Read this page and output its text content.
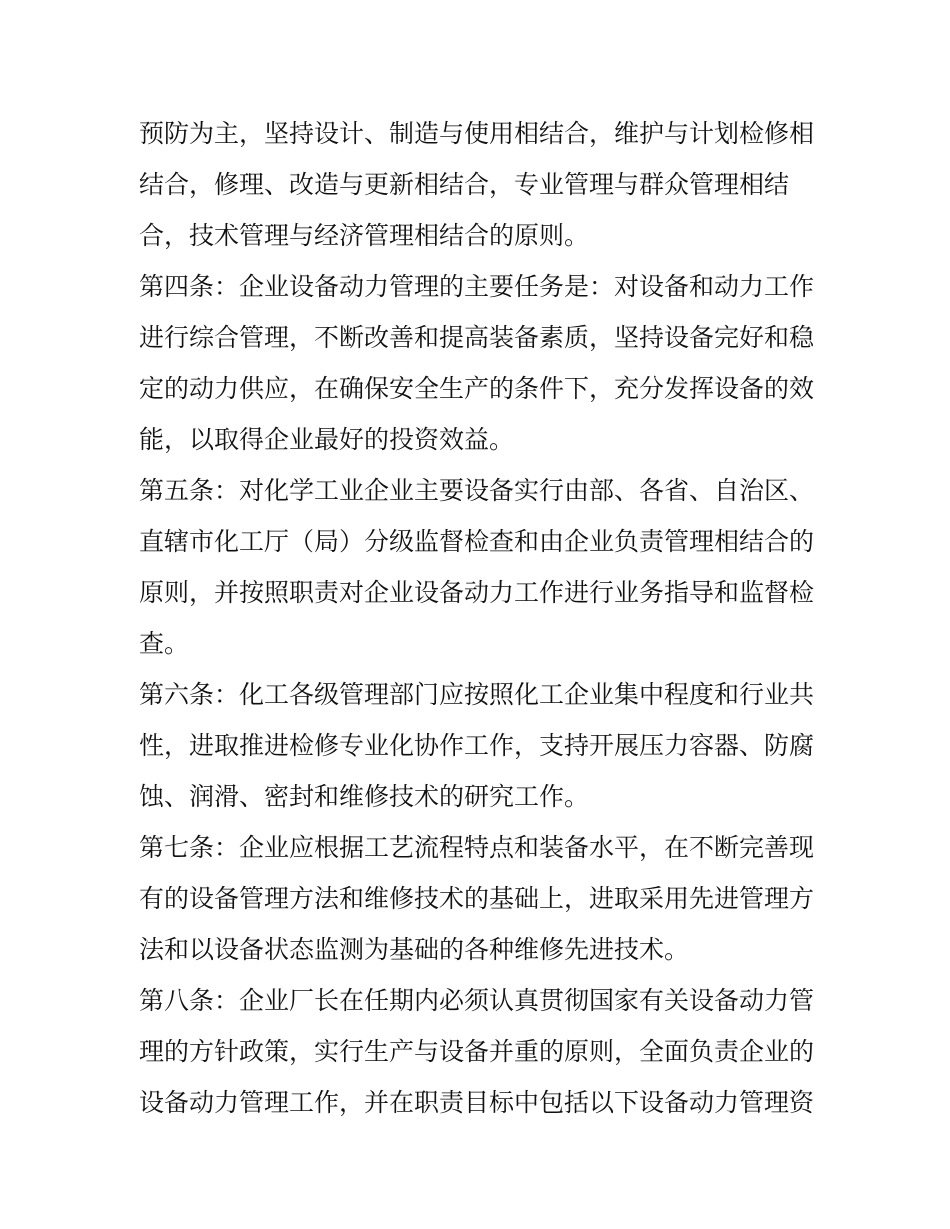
预防为主，坚持设计、制造与使用相结合，维护与计划检修相
结合，修理、改造与更新相结合，专业管理与群众管理相结
合，技术管理与经济管理相结合的原则。
第四条：企业设备动力管理的主要任务是：对设备和动力工作
进行综合管理，不断改善和提高装备素质，坚持设备完好和稳
定的动力供应，在确保安全生产的条件下，充分发挥设备的效
能，以取得企业最好的投资效益。
第五条：对化学工业企业主要设备实行由部、各省、自治区、
直辖市化工厅（局）分级监督检查和由企业负责管理相结合的
原则，并按照职责对企业设备动力工作进行业务指导和监督检
查。
第六条：化工各级管理部门应按照化工企业集中程度和行业共
性，进取推进检修专业化协作工作，支持开展压力容器、防腐
蚀、润滑、密封和维修技术的研究工作。
第七条：企业应根据工艺流程特点和装备水平，在不断完善现
有的设备管理方法和维修技术的基础上，进取采用先进管理方
法和以设备状态监测为基础的各种维修先进技术。
第八条：企业厂长在任期内必须认真贯彻国家有关设备动力管
理的方针政策，实行生产与设备并重的原则，全面负责企业的
设备动力管理工作，并在职责目标中包括以下设备动力管理资
